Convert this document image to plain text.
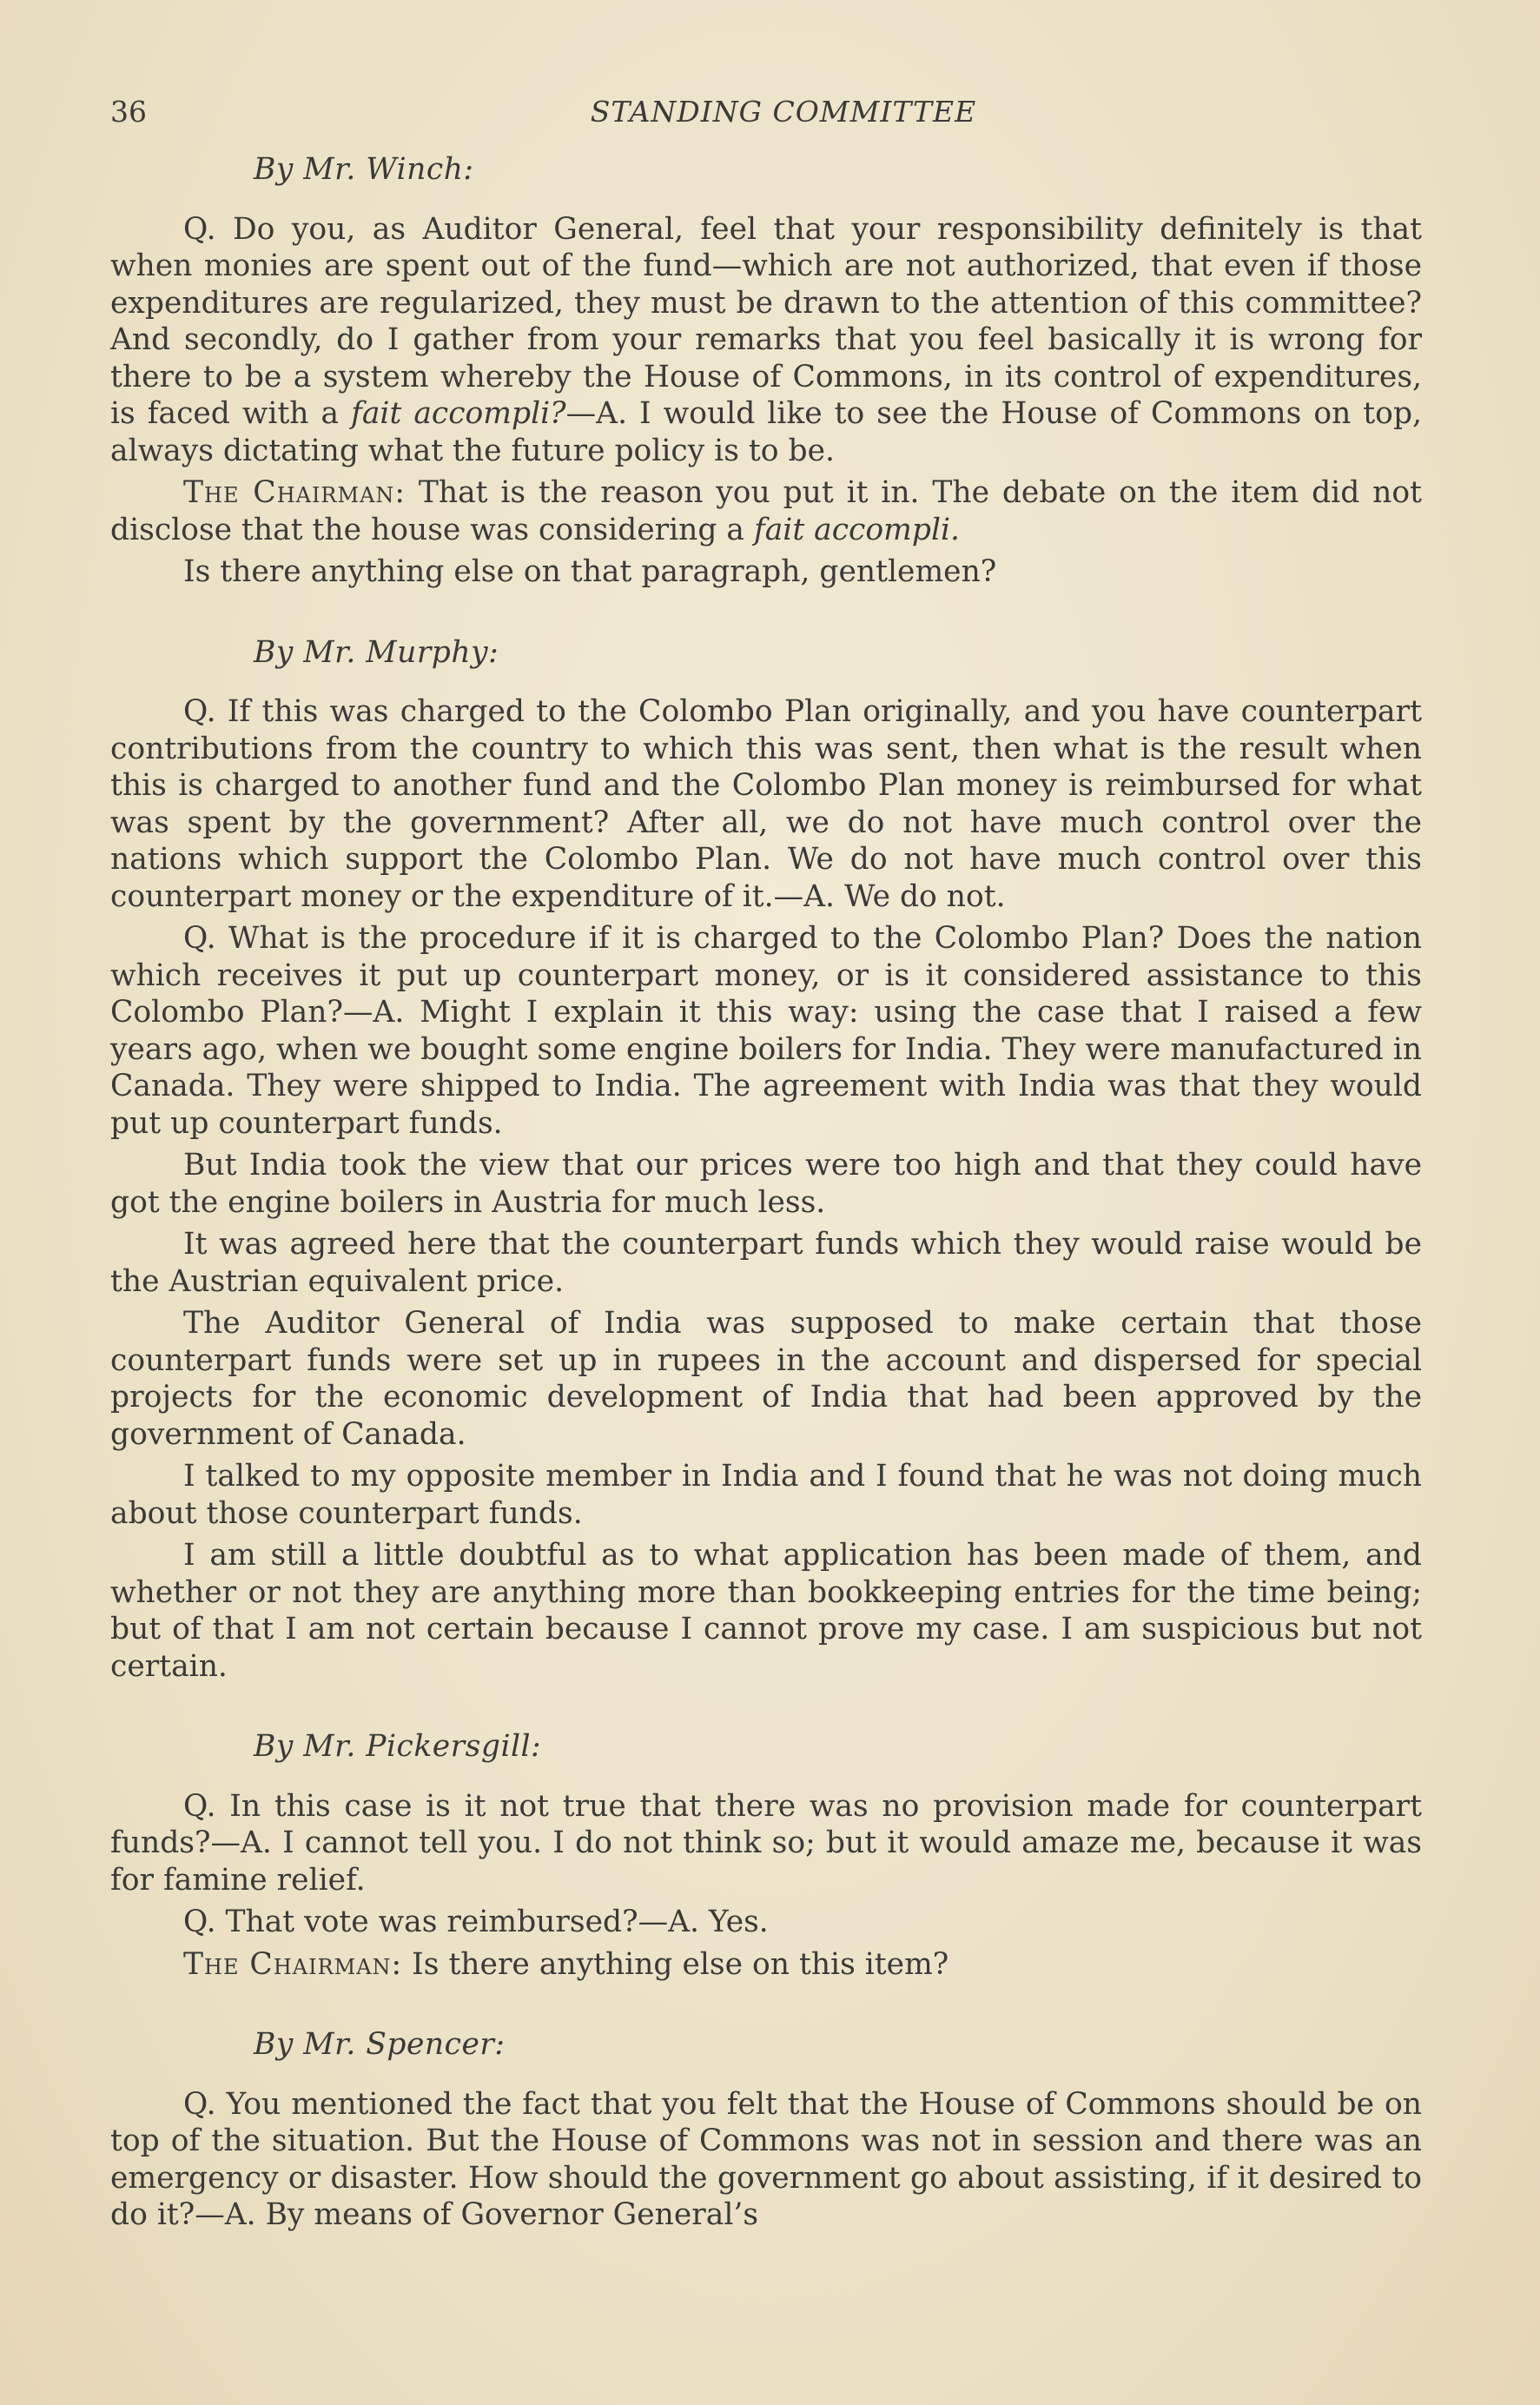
36	STANDING COMMITTEE
By Mr. Winch:

Q. Do you, as Auditor General, feel that your responsibility definitely is that when monies are spent out of the fund—which are not authorized, that even if those expenditures are regularized, they must be drawn to the attention of this committee? And secondly, do I gather from your remarks that you feel basically it is wrong for there to be a system whereby the House of Commons, in its control of expenditures, is faced with a fait accompli?—A. I would like to see the House of Commons on top, always dictating what the future policy is to be.

The Chairman: That is the reason you put it in. The debate on the item did not disclose that the house was considering a fait accompli.

Is there anything else on that paragraph, gentlemen?

By Mr. Murphy:

Q. If this was charged to the Colombo Plan originally, and you have counterpart contributions from the country to which this was sent, then what is the result when this is charged to another fund and the Colombo Plan money is reimbursed for what was spent by the government? After all, we do not have much control over the nations which support the Colombo Plan. We do not have much control over this counterpart money or the expenditure of it.—A. We do not.

Q. What is the procedure if it is charged to the Colombo Plan? Does the nation which receives it put up counterpart money, or is it considered assistance to this Colombo Plan?—A. Might I explain it this way: using the case that I raised a few years ago, when we bought some engine boilers for India. They were manufactured in Canada. They were shipped to India. The agreement with India was that they would put up counterpart funds.

But India took the view that our prices were too high and that they could have got the engine boilers in Austria for much less.

It was agreed here that the counterpart funds which they would raise would be the Austrian equivalent price.

The Auditor General of India was supposed to make certain that those counterpart funds were set up in rupees in the account and dispersed for special projects for the economic development of India that had been approved by the government of Canada.

I talked to my opposite member in India and I found that he was not doing much about those counterpart funds.

I am still a little doubtful as to what application has been made of them, and whether or not they are anything more than bookkeeping entries for the time being; but of that I am not certain because I cannot prove my case. I am suspicious but not certain.

By Mr. Pickersgill:

Q. In this case is it not true that there was no provision made for counterpart funds?—A. I cannot tell you. I do not think so; but it would amaze me, because it was for famine relief.

Q. That vote was reimbursed?—A. Yes.

The Chairman: Is there anything else on this item?

By Mr. Spencer:

Q. You mentioned the fact that you felt that the House of Commons should be on top of the situation. But the House of Commons was not in session and there was an emergency or disaster. How should the government go about assisting, if it desired to do it?—A. By means of Governor General’s
